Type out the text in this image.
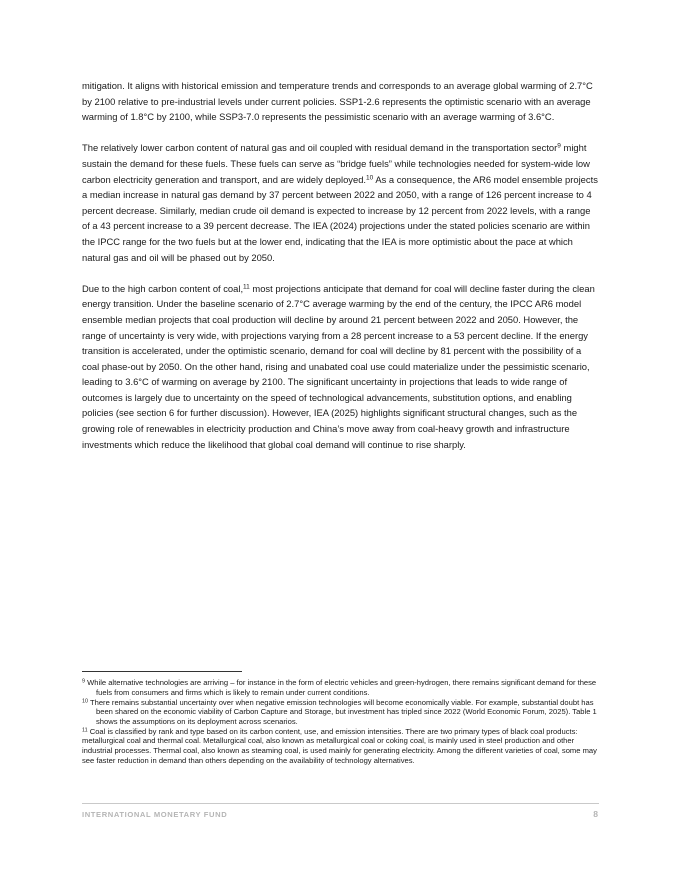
mitigation. It aligns with historical emission and temperature trends and corresponds to an average global warming of 2.7°C by 2100 relative to pre-industrial levels under current policies. SSP1-2.6 represents the optimistic scenario with an average warming of 1.8°C by 2100, while SSP3-7.0 represents the pessimistic scenario with an average warming of 3.6°C.

The relatively lower carbon content of natural gas and oil coupled with residual demand in the transportation sector$^9$ might sustain the demand for these fuels. These fuels can serve as “bridge fuels” while technologies needed for system-wide low carbon electricity generation and transport, and are widely deployed.$^{10}$ As a consequence, the AR6 model ensemble projects a median increase in natural gas demand by 37 percent between 2022 and 2050, with a range of 126 percent increase to 4 percent decrease. Similarly, median crude oil demand is expected to increase by 12 percent from 2022 levels, with a range of a 43 percent increase to a 39 percent decrease. The IEA (2024) projections under the stated policies scenario are within the IPCC range for the two fuels but at the lower end, indicating that the IEA is more optimistic about the pace at which natural gas and oil will be phased out by 2050.

Due to the high carbon content of coal,$^{11}$ most projections anticipate that demand for coal will decline faster during the clean energy transition. Under the baseline scenario of 2.7°C average warming by the end of the century, the IPCC AR6 model ensemble median projects that coal production will decline by around 21 percent between 2022 and 2050. However, the range of uncertainty is very wide, with projections varying from a 28 percent increase to a 53 percent decline. If the energy transition is accelerated, under the optimistic scenario, demand for coal will decline by 81 percent with the possibility of a coal phase-out by 2050. On the other hand, rising and unabated coal use could materialize under the pessimistic scenario, leading to 3.6°C of warming on average by 2100. The significant uncertainty in projections that leads to wide range of outcomes is largely due to uncertainty on the speed of technological advancements, substitution options, and enabling policies (see section 6 for further discussion). However, IEA (2025) highlights significant structural changes, such as the growing role of renewables in electricity production and China’s move away from coal-heavy growth and infrastructure investments which reduce the likelihood that global coal demand will continue to rise sharply.

$^9$ While alternative technologies are arriving – for instance in the form of electric vehicles and green-hydrogen, there remains significant demand for these fuels from consumers and firms which is likely to remain under current conditions.

$^{10}$ There remains substantial uncertainty over when negative emission technologies will become economically viable. For example, substantial doubt has been shared on the economic viability of Carbon Capture and Storage, but investment has tripled since 2022 (World Economic Forum, 2025). Table 1 shows the assumptions on its deployment across scenarios.

$^{11}$ Coal is classified by rank and type based on its carbon content, use, and emission intensities. There are two primary types of black coal products: metallurgical coal and thermal coal. Metallurgical coal, also known as metallurgical coal or coking coal, is mainly used in steel production and other industrial processes. Thermal coal, also known as steaming coal, is used mainly for generating electricity. Among the different varieties of coal, some may see faster reduction in demand than others depending on the availability of technology alternatives.

INTERNATIONAL MONETARY FUND	8
